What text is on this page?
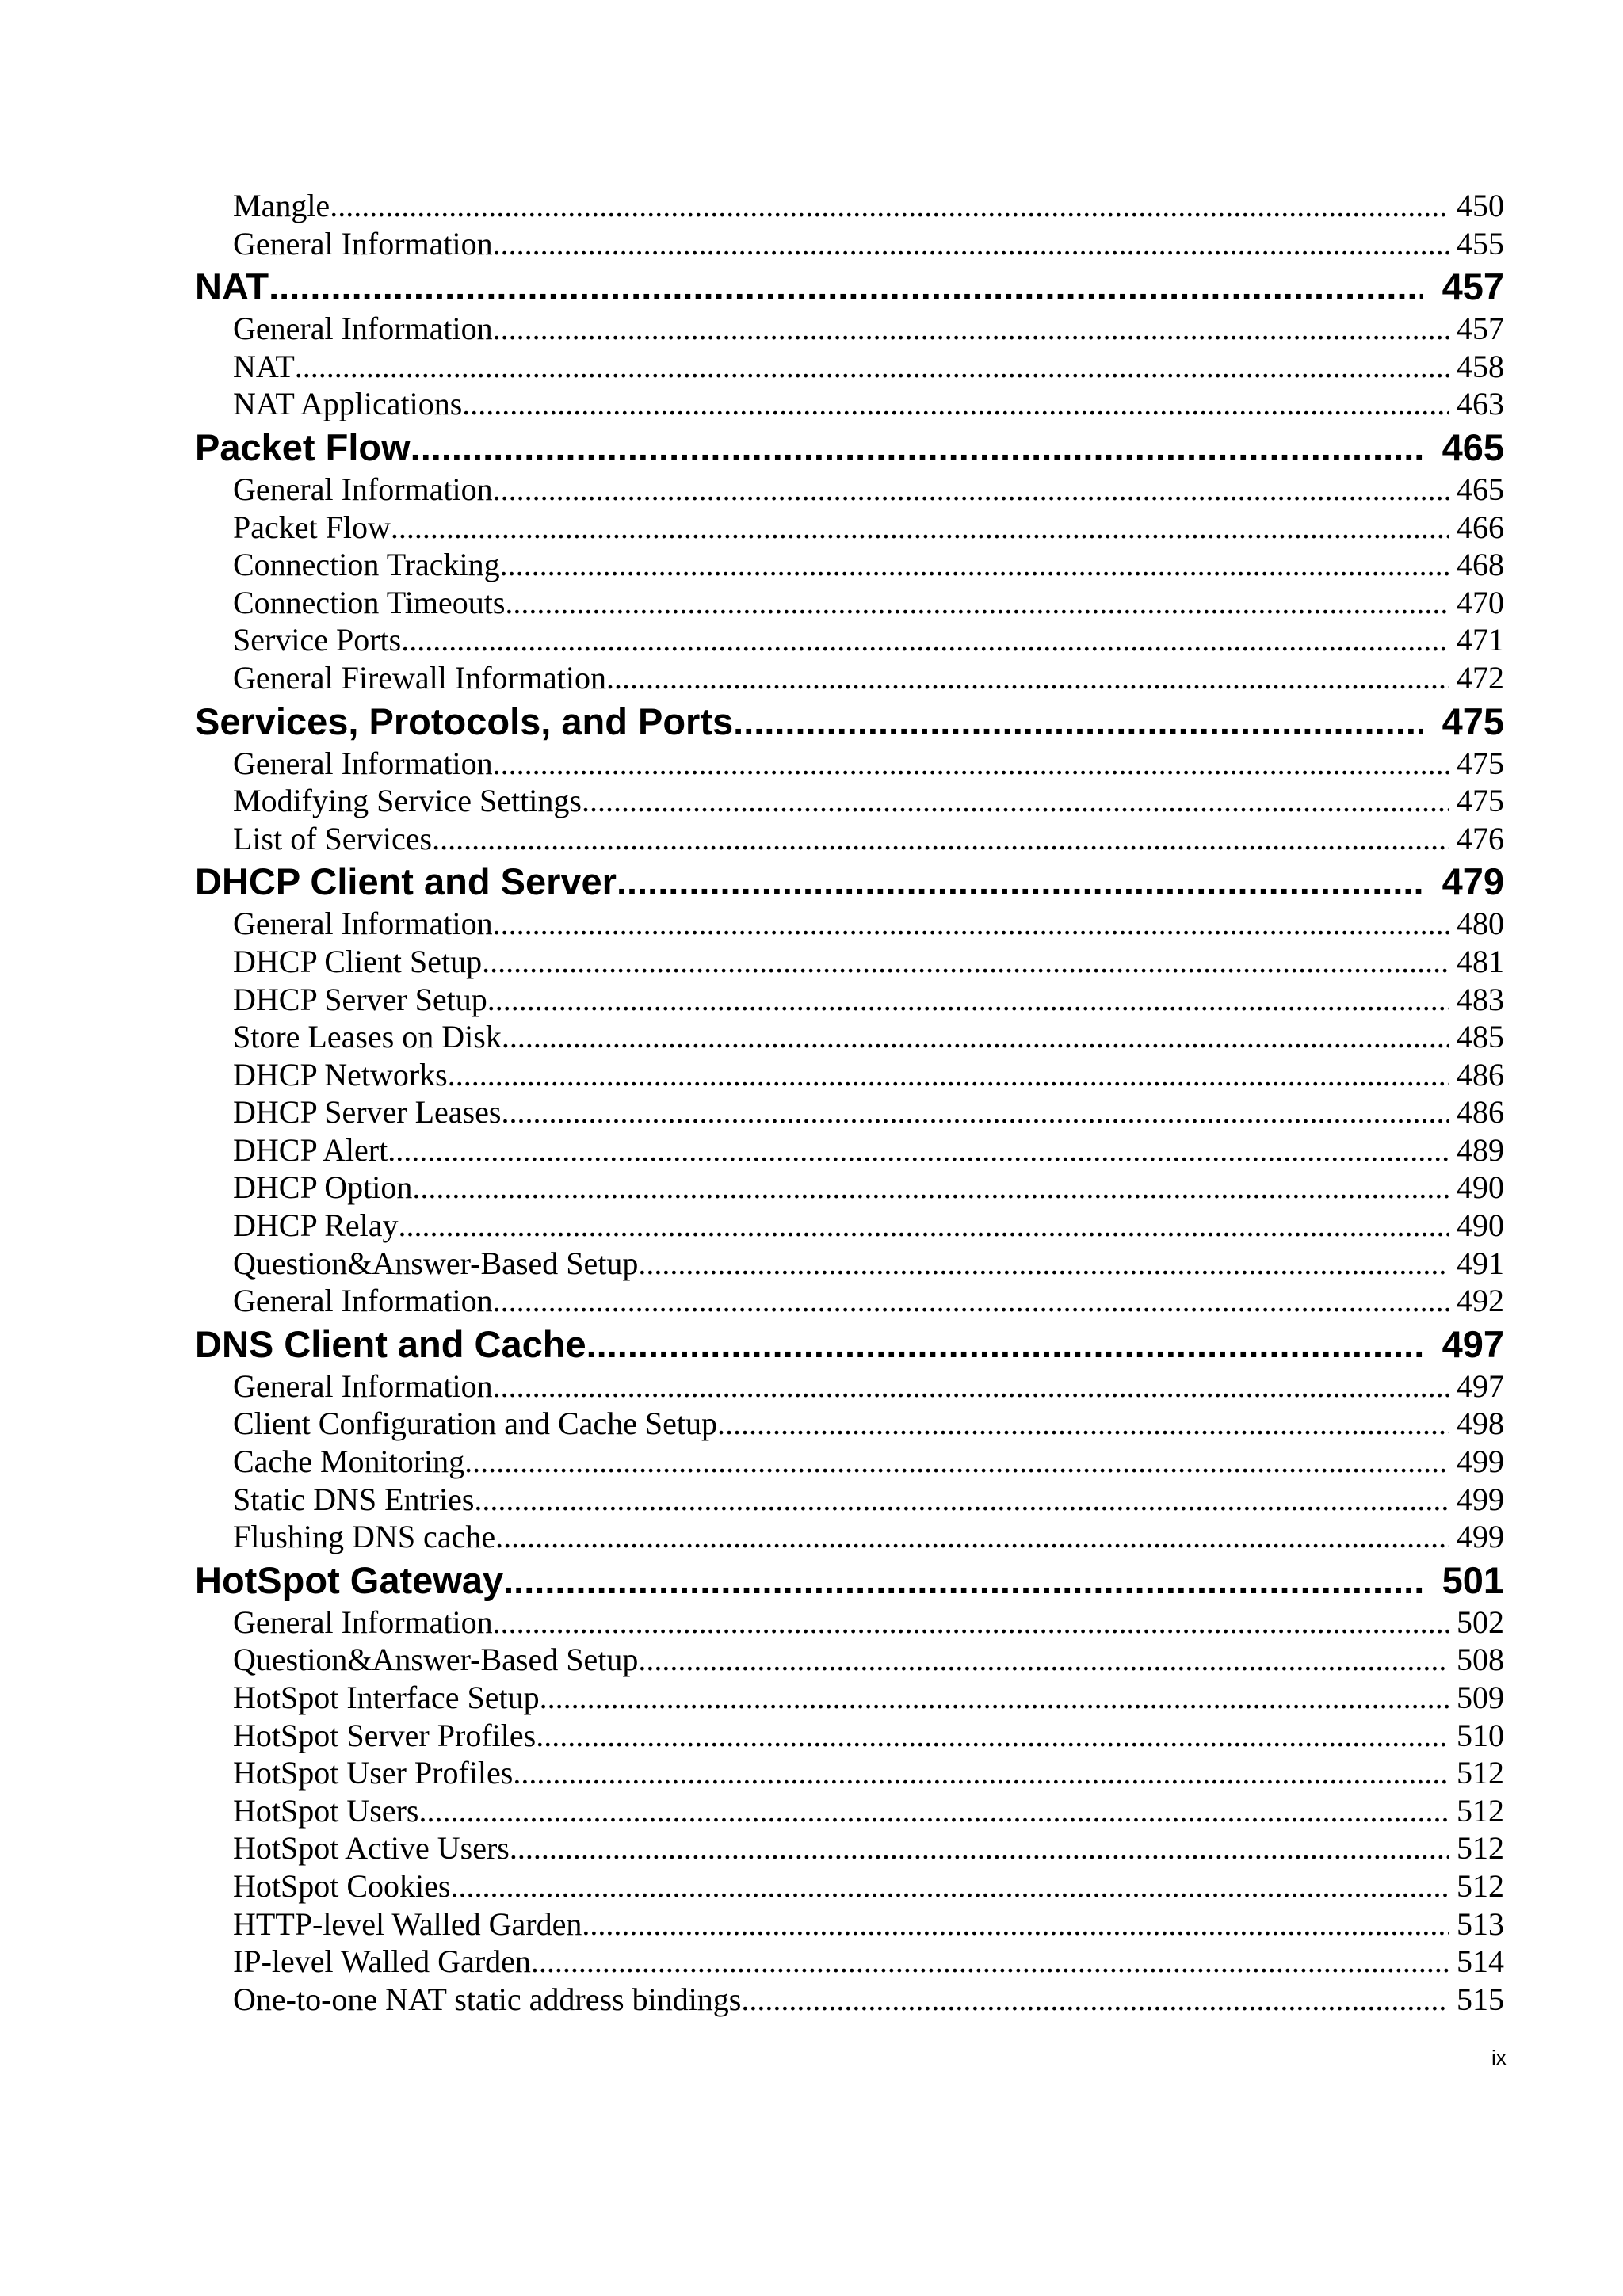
Mangle .....	450
General Information .....	455
NAT .....	457
General Information .....	457
NAT .....	458
NAT Applications .....	463
Packet Flow .....	465
General Information .....	465
Packet Flow .....	466
Connection Tracking .....	468
Connection Timeouts .....	470
Service Ports .....	471
General Firewall Information .....	472
Services, Protocols, and Ports .....	475
General Information .....	475
Modifying Service Settings .....	475
List of Services .....	476
DHCP Client and Server .....	479
General Information .....	480
DHCP Client Setup .....	481
DHCP Server Setup .....	483
Store Leases on Disk .....	485
DHCP Networks .....	486
DHCP Server Leases .....	486
DHCP Alert .....	489
DHCP Option .....	490
DHCP Relay .....	490
Question&Answer-Based Setup .....	491
General Information .....	492
DNS Client and Cache .....	497
General Information .....	497
Client Configuration and Cache Setup .....	498
Cache Monitoring .....	499
Static DNS Entries .....	499
Flushing DNS cache .....	499
HotSpot Gateway .....	501
General Information .....	502
Question&Answer-Based Setup .....	508
HotSpot Interface Setup .....	509
HotSpot Server Profiles .....	510
HotSpot User Profiles .....	512
HotSpot Users .....	512
HotSpot Active Users .....	512
HotSpot Cookies .....	512
HTTP-level Walled Garden .....	513
IP-level Walled Garden .....	514
One-to-one NAT static address bindings .....	515
ix
